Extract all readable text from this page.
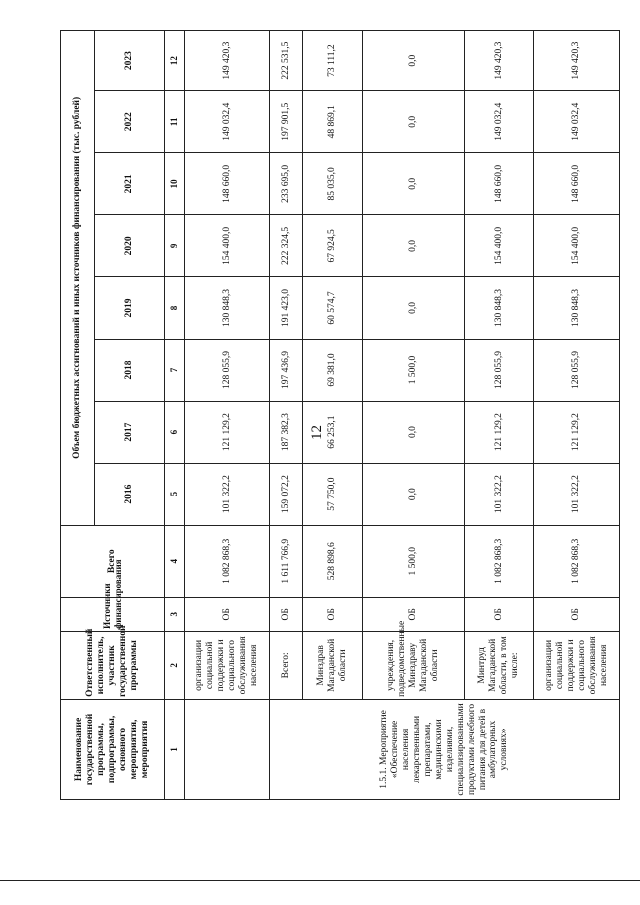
12
Наименование государственной программы, подпрограммы, основного мероприятия, мероприятия	Ответственный исполнитель, участник государственной программы	Источники финансирования	Всего	Объем бюджетных ассигнований и иных источников финансирования (тыс. рублей)							
				2016	2017	2018	2019	2020	2021	2022	2023
1	2	3	4	5	6	7	8	9	10	11	12
	организации социальной поддержки и социального обслуживания населения	ОБ	1 082 868,3	101 322,2	121 129,2	128 055,9	130 848,3	154 400,0	148 660,0	149 032,4	149 420,3
1.5.1. Мероприятие «Обеспечение населения лекарственными препаратами, медицинскими изделиями, специализированными продуктами лечебного питания для детей в амбулаторных условиях»	Всего:	ОБ	1 611 766,9	159 072,2	187 382,3	197 436,9	191 423,0	222 324,5	233 695,0	197 901,5	222 531,5
	Минздрав Магаданской области	ОБ	528 898,6	57 750,0	66 253,1	69 381,0	60 574,7	67 924,5	85 035,0	48 869,1	73 111,2
	учреждения, подведомственные Минздраву Магаданской области	ОБ	1 500,0	0,0	0,0	1 500,0	0,0	0,0	0,0	0,0	0,0
	Минтруд Магаданской области, в том числе:	ОБ	1 082 868,3	101 322,2	121 129,2	128 055,9	130 848,3	154 400,0	148 660,0	149 032,4	149 420,3
	организации социальной поддержки и социального обслуживания населения	ОБ	1 082 868,3	101 322,2	121 129,2	128 055,9	130 848,3	154 400,0	148 660,0	149 032,4	149 420,3
